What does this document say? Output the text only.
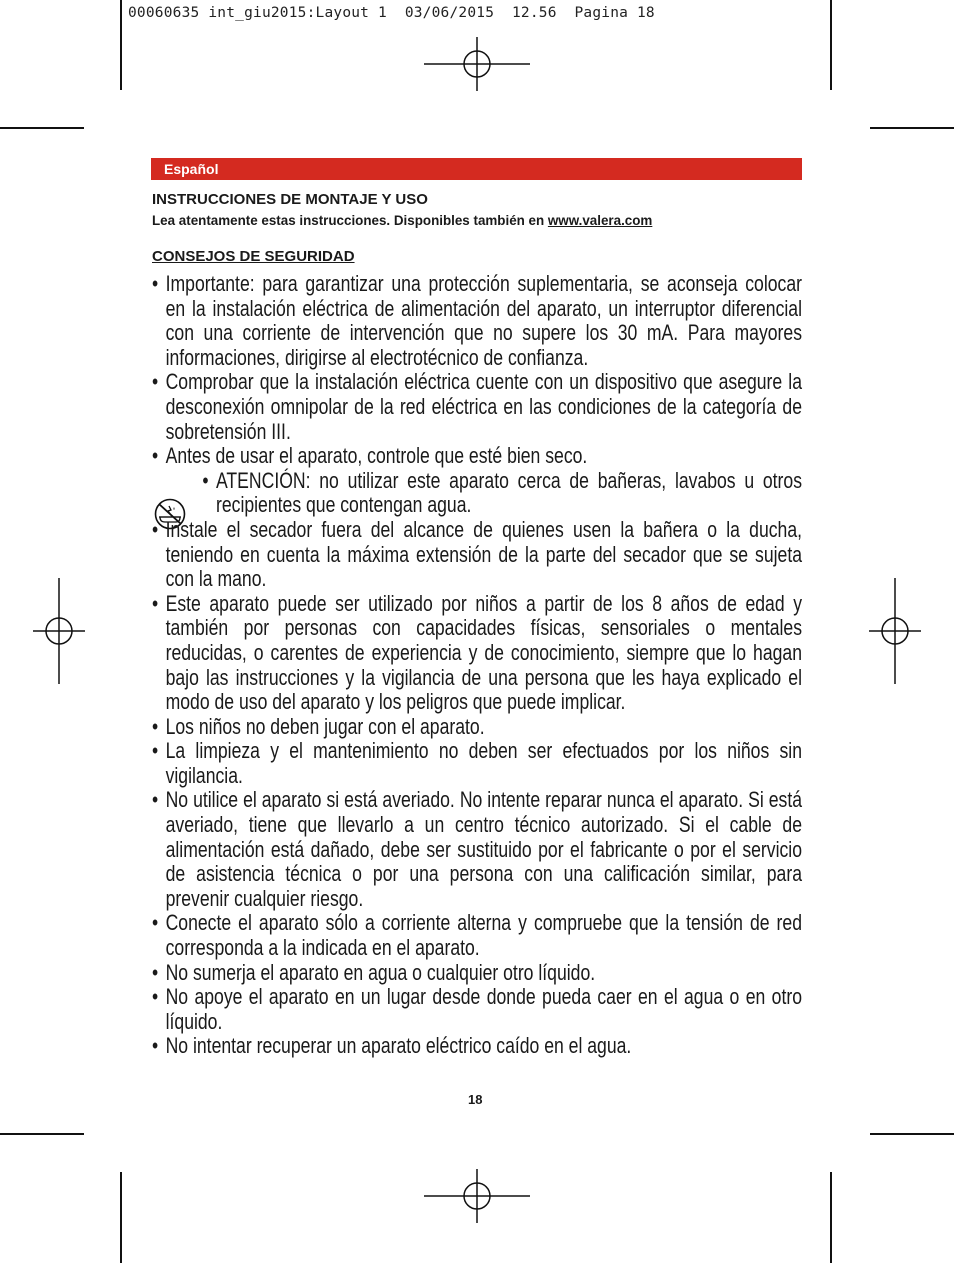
00060635 int_giu2015:Layout 1  03/06/2015  12.56  Pagina 18
Español
INSTRUCCIONES DE MONTAJE Y USO
Lea atentamente estas instrucciones. Disponibles también en www.valera.com
CONSEJOS DE SEGURIDAD
• Importante: para garantizar una protección suplementaria, se aconseja colocar en la instalación eléctrica de alimentación del aparato, un interruptor diferencial con una corriente de intervención que no supere los 30 mA. Para mayores informaciones, dirigirse al electrotécnico de confianza.
• Comprobar que la instalación eléctrica cuente con un dispositivo que asegure la desconexión omnipolar de la red eléctrica en las condiciones de la categoría de sobretensión III.
• Antes de usar el aparato, controle que esté bien seco.
• ATENCIÓN: no utilizar este aparato cerca de bañeras, lavabos u otros recipientes que contengan agua.
• Instale el secador fuera del alcance de quienes usen la bañera o la ducha, teniendo en cuenta la máxima extensión de la parte del secador que se sujeta con la mano.
• Este aparato puede ser utilizado por niños a partir de los 8 años de edad y también por personas con capacidades físicas, sensoriales o mentales reducidas, o carentes de experiencia y de conocimiento, siempre que lo hagan bajo las instrucciones y la vigilancia de una persona que les haya explicado el modo de uso del aparato y los peligros que puede implicar.
• Los niños no deben jugar con el aparato.
• La limpieza y el mantenimiento no deben ser efectuados por los niños sin vigilancia.
• No utilice el aparato si está averiado. No intente reparar nunca el aparato. Si está averiado, tiene que llevarlo a un centro técnico autorizado. Si el cable de alimentación está dañado, debe ser sustituido por el fabricante o por el servicio de asistencia técnica o por una persona con una calificación similar, para prevenir cualquier riesgo.
• Conecte el aparato sólo a corriente alterna y compruebe que la tensión de red corresponda a la indicada en el aparato.
• No sumerja el aparato en agua o cualquier otro líquido.
• No apoye el aparato en un lugar desde donde pueda caer en el agua o en otro líquido.
• No intentar recuperar un aparato eléctrico caído en el agua.
18
